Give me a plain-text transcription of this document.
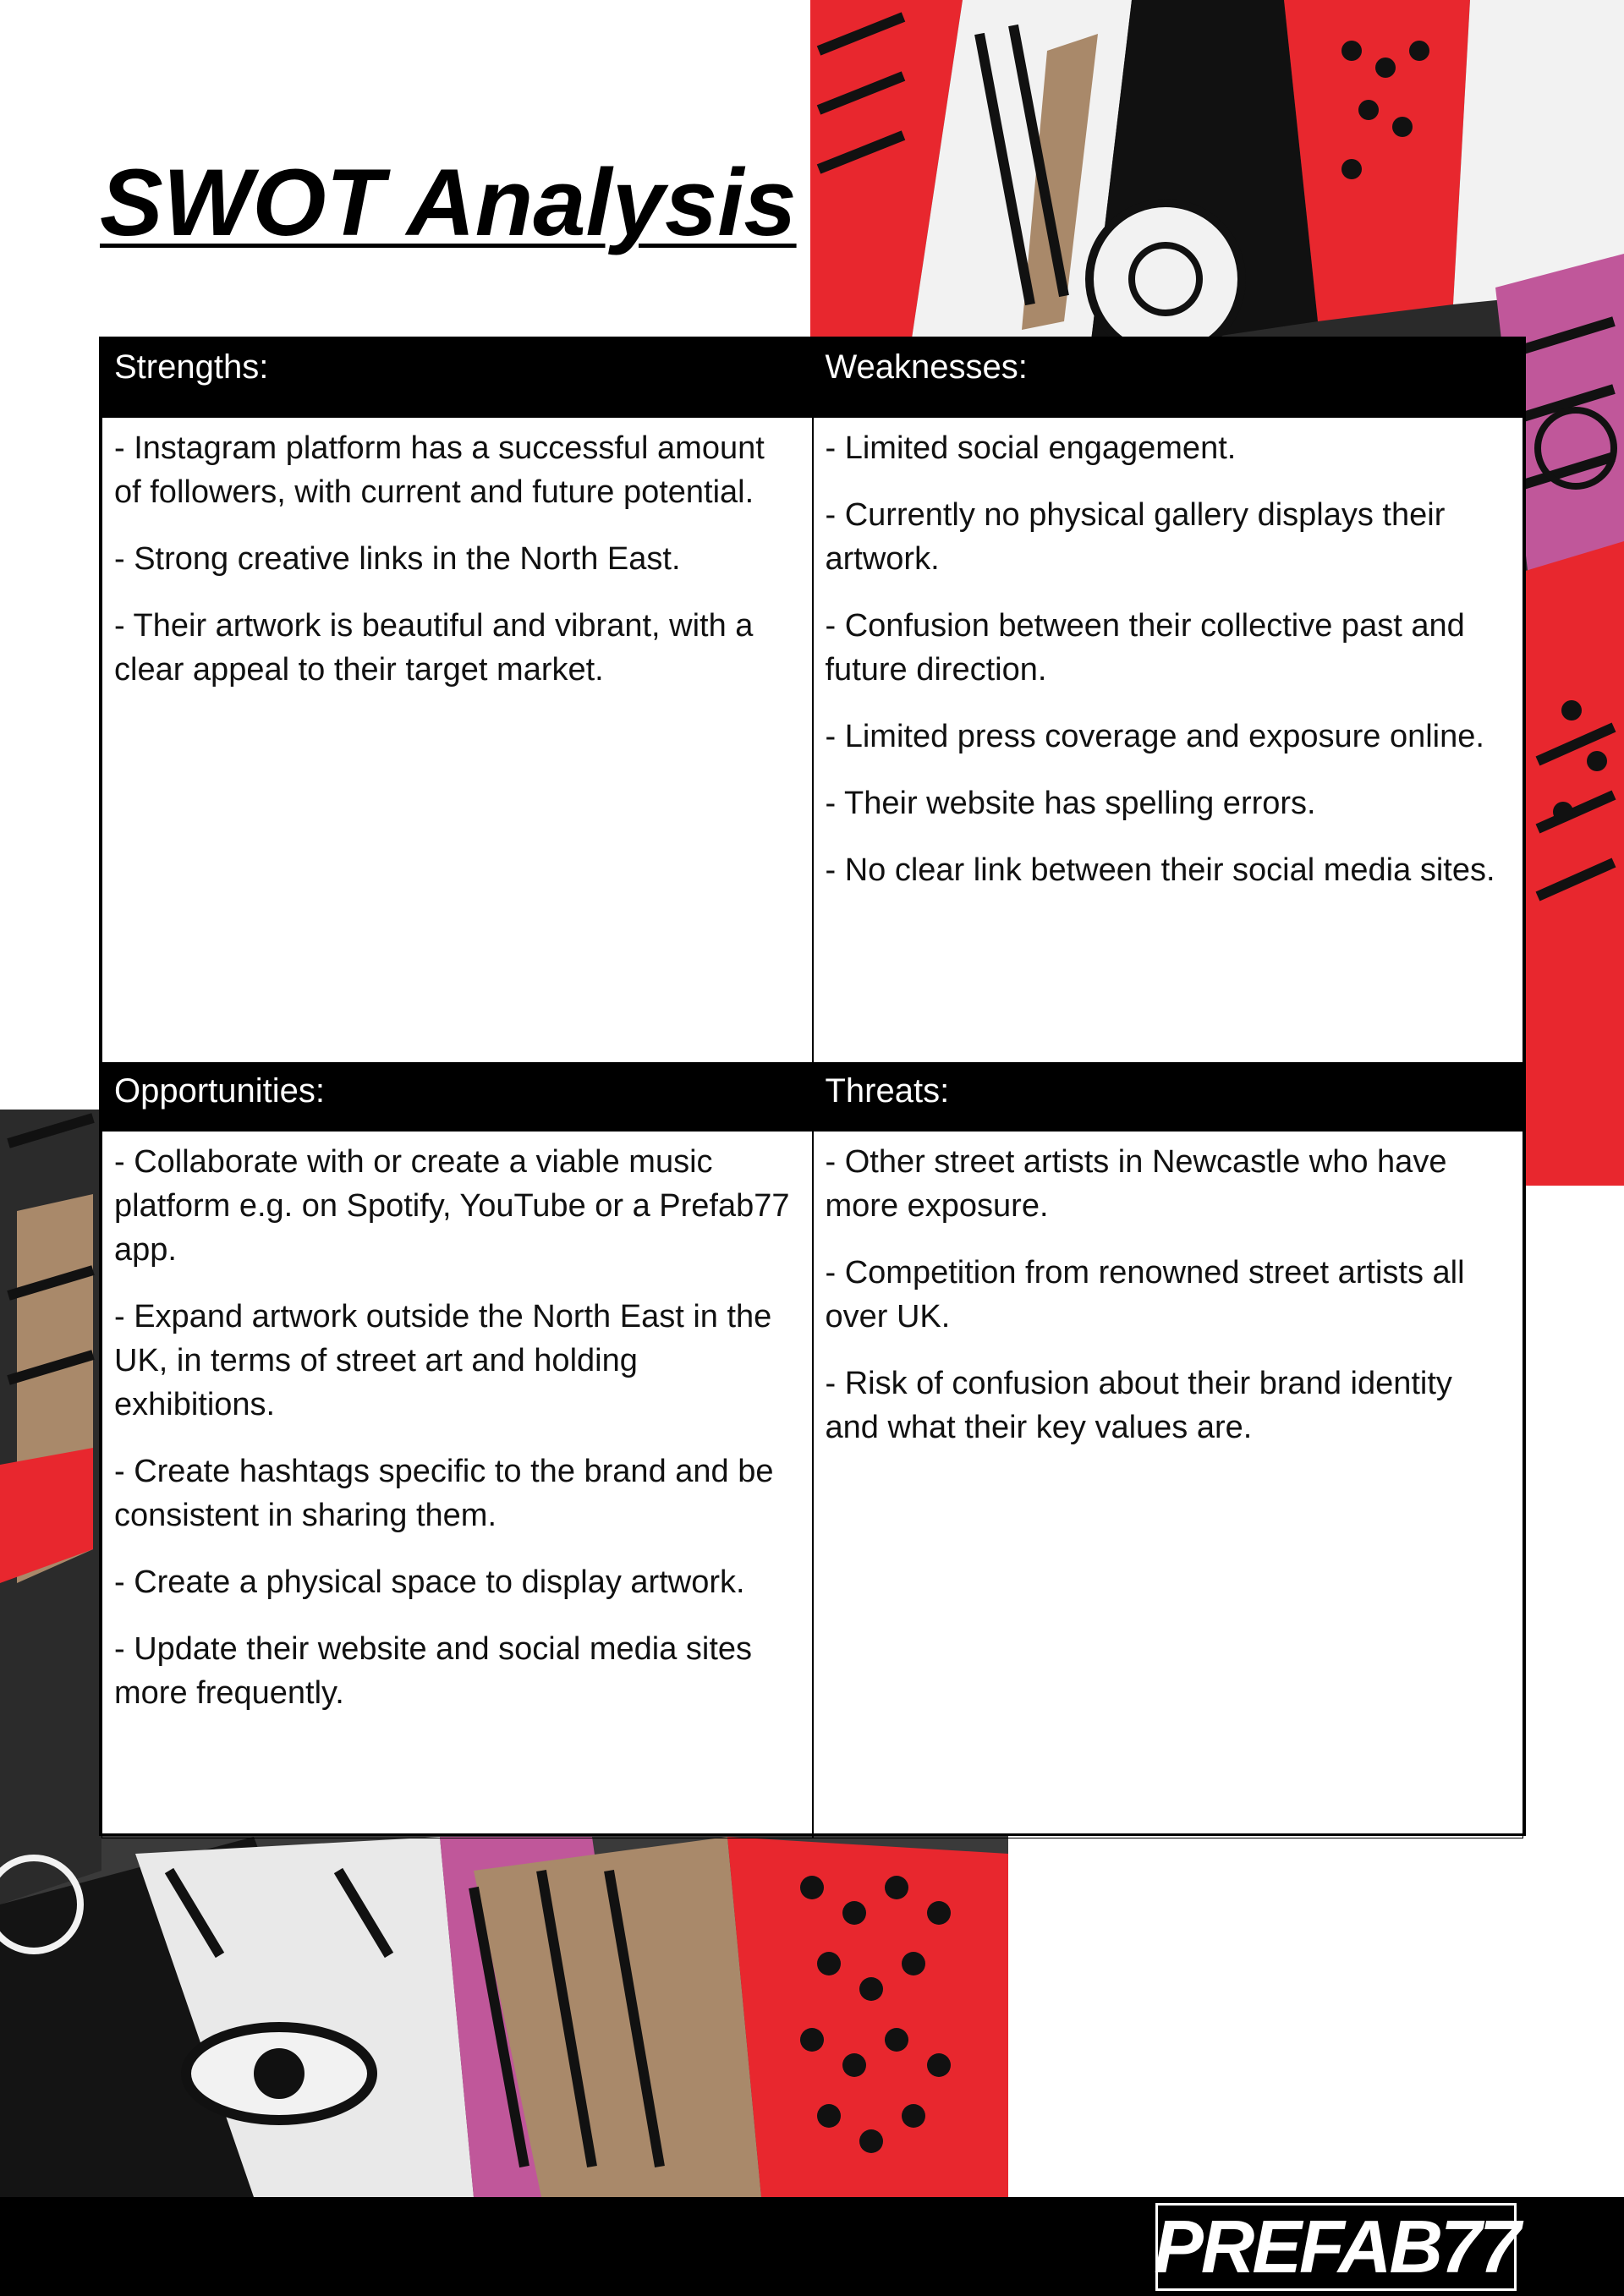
SWOT Analysis
Strengths:
- Instagram platform has a successful amount of followers, with current and future potential.
- Strong creative links in the North East.
- Their artwork is beautiful and vibrant, with a clear appeal to their target market.
Weaknesses:
- Limited social engagement.
- Currently no physical gallery displays their artwork.
- Confusion between their collective past and future direction.
- Limited press coverage and exposure online.
- Their website has spelling errors.
- No clear link between their social media sites.
Opportunities:
- Collaborate with or create a viable music platform e.g. on Spotify, YouTube or a Prefab77 app.
- Expand artwork outside the North East in the UK, in terms of street art and holding exhibitions.
- Create hashtags specific to the brand and be consistent in sharing them.
- Create a physical space to display artwork.
- Update their website and social media sites more frequently.
Threats:
- Other street artists in Newcastle who have more exposure.
- Competition from renowned street artists all over UK.
- Risk of confusion about their brand identity and what their key values are.
PREFAB77
